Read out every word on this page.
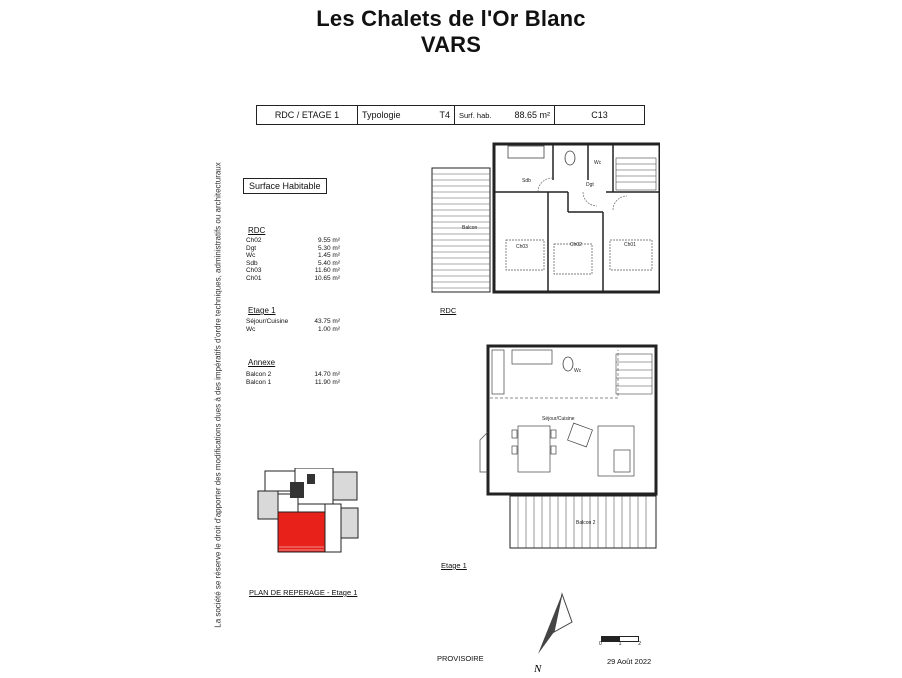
Les Chalets de l'Or Blanc
VARS
RDC / ETAGE 1	Typologie	T4 Surf. hab.	88.65 m²	C13
La société se réserve le droit d'apporter des modifications dues à des impératifs d'ordre techniques, administratifs ou architecturaux	Surface Habitable
RDC
Ch02	9.55 m²
Dgt	5.30 m²
Wc	1.45 m²
Sdb	5.40 m²
Ch03	11.60 m²
Ch01	10.65 m²
Etage 1
Séjour/Cuisine	43.75 m²
Wc	1.00 m²
Annexe
Balcon 2	14.70 m²
Balcon 1	11.90 m²
PLAN DE REPERAGE - Etage 1
Sdb
Wc
Dgt
Balcon
Ch03	Ch02	Ch01
RDC
Wc
Séjour/Cuisine
Balcon 2
Etage 1
N
0	1	2
PROVISOIRE	29 Août 2022
